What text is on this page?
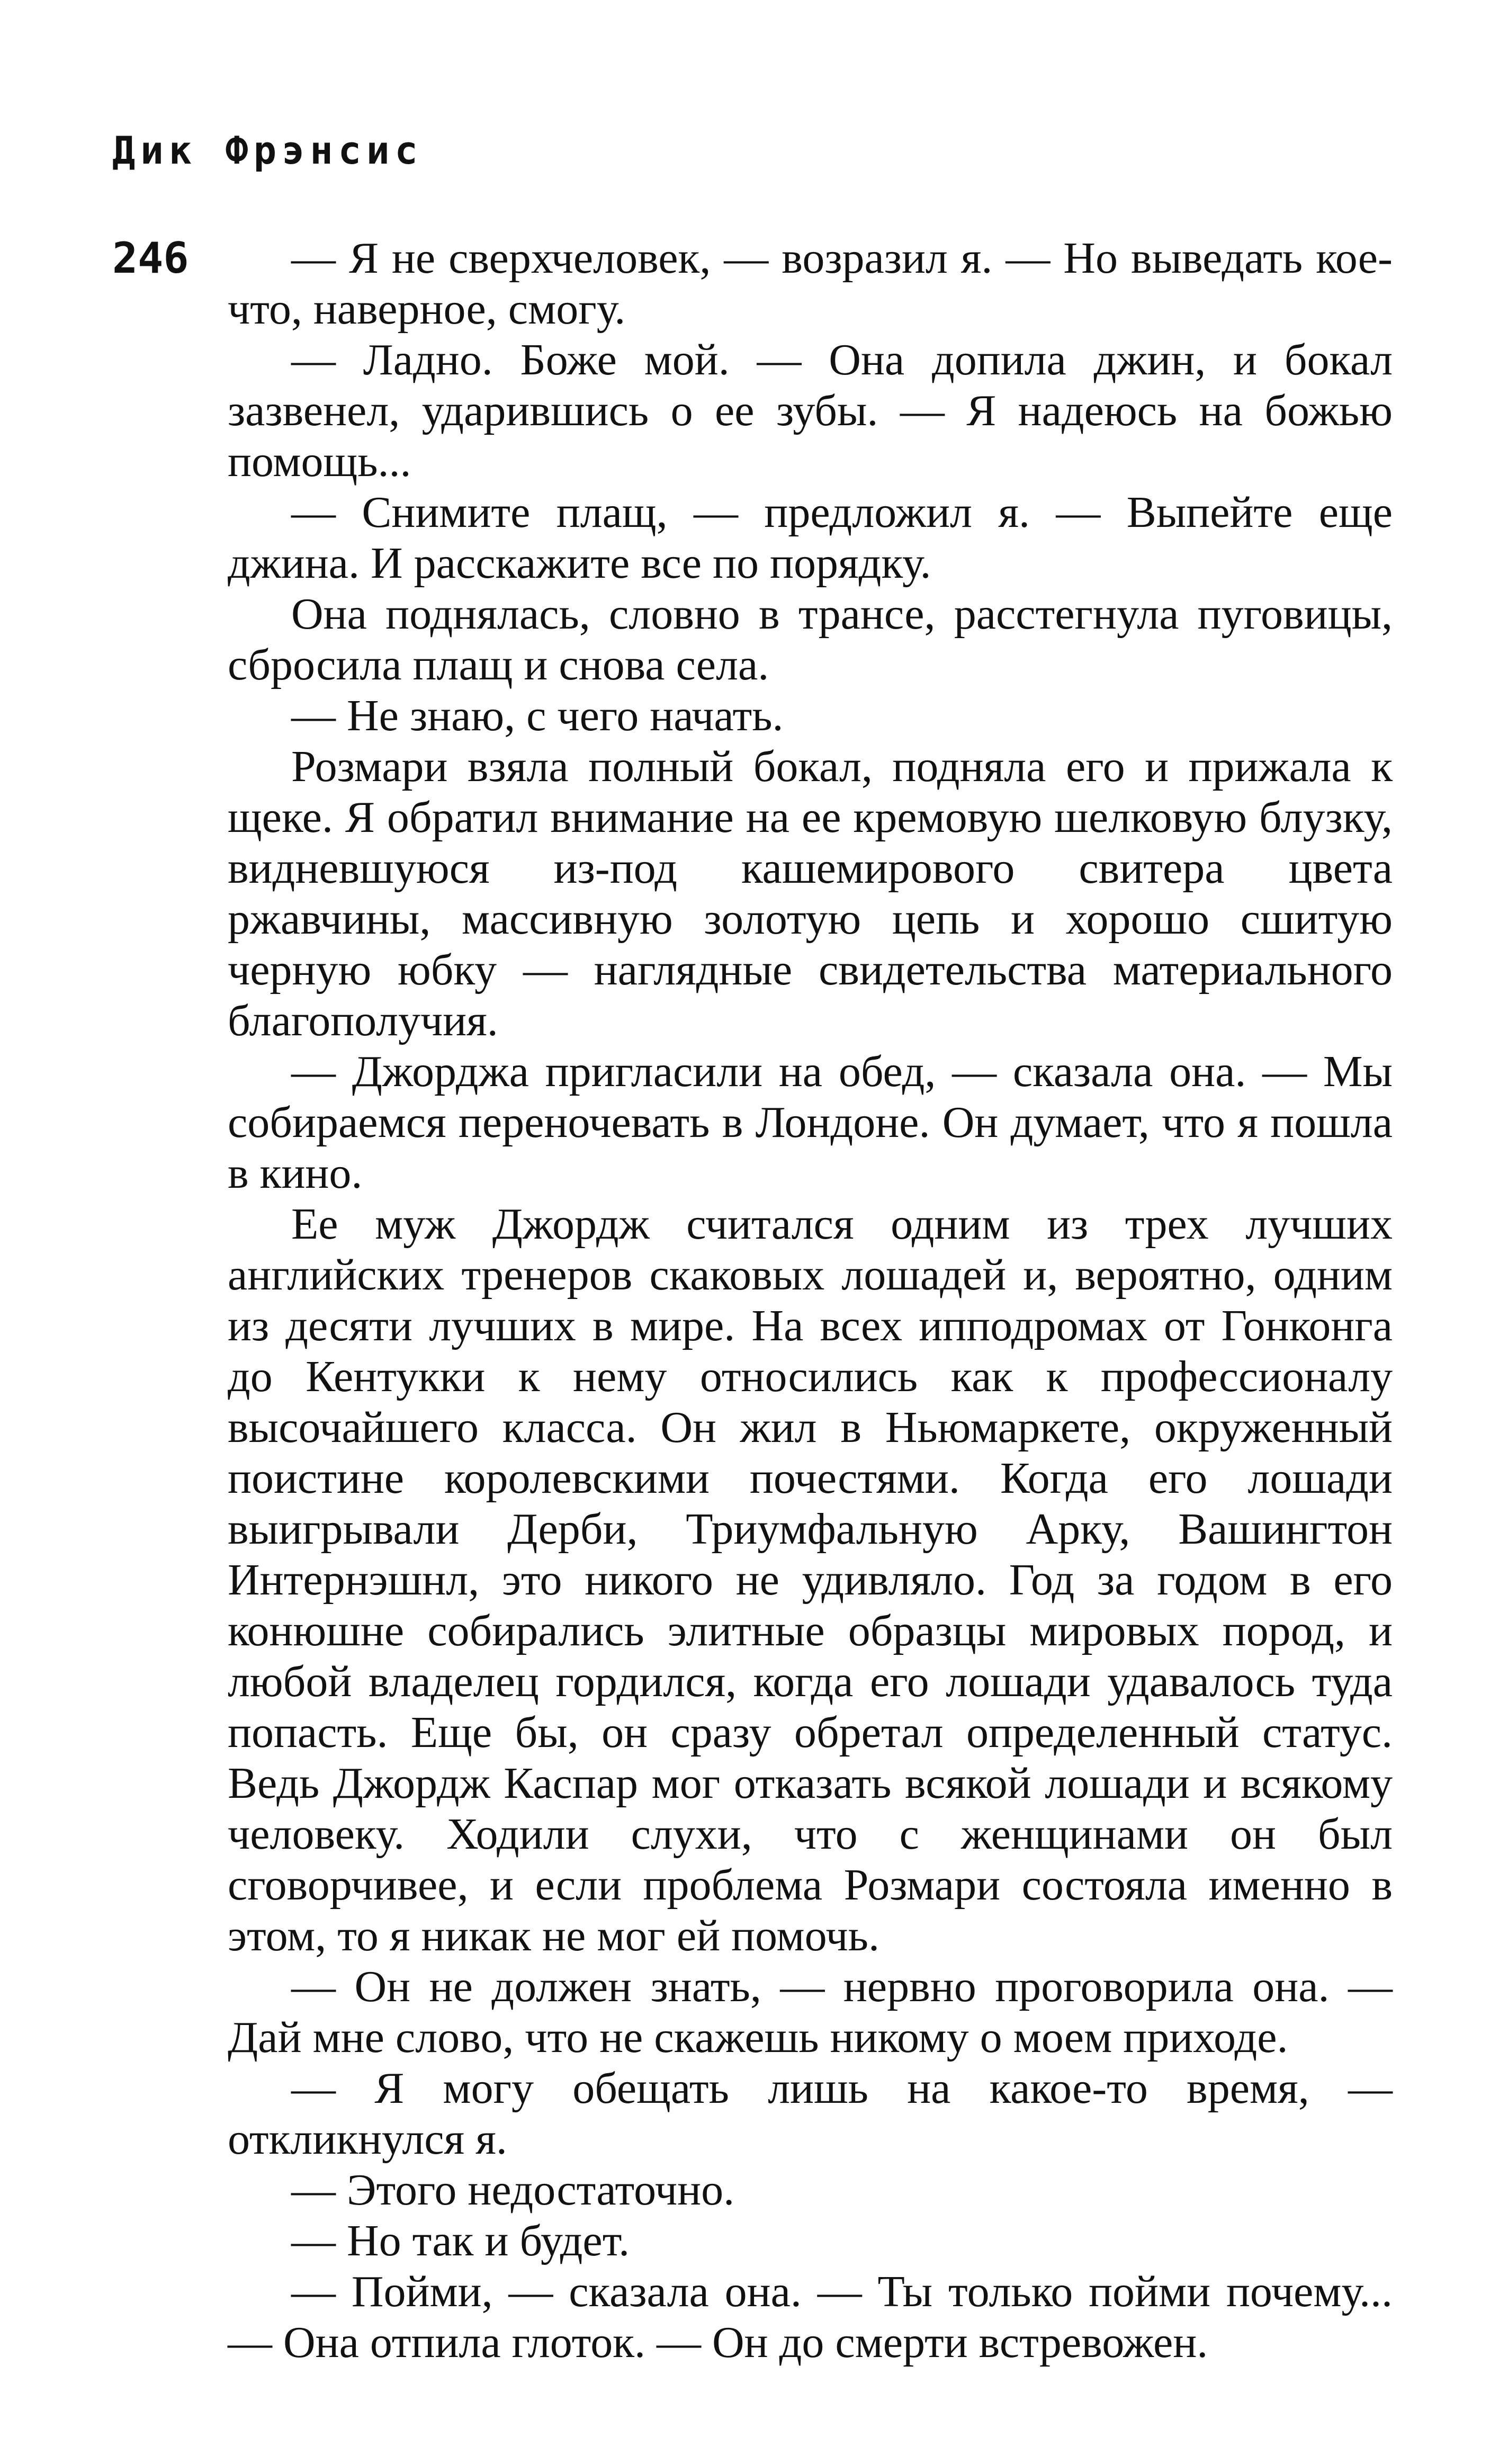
Дик Фрэнсис
246	— Я не сверхчеловек, — возразил я. — Но выведать кое-что, наверное, смогу.

— Ладно. Боже мой. — Она допила джин, и бокал зазвенел, ударившись о ее зубы. — Я надеюсь на божью помощь...

— Снимите плащ, — предложил я. — Выпейте еще джина. И расскажите все по порядку.

Она поднялась, словно в трансе, расстегнула пуговицы, сбросила плащ и снова села.

— Не знаю, с чего начать.

Розмари взяла полный бокал, подняла его и прижала к щеке. Я обратил внимание на ее кремовую шелковую блузку, видневшуюся из-под кашемирового свитера цвета ржавчины, массивную золотую цепь и хорошо сшитую черную юбку — наглядные свидетельства материального благополучия.

— Джорджа пригласили на обед, — сказала она. — Мы собираемся переночевать в Лондоне. Он думает, что я пошла в кино.

Ее муж Джордж считался одним из трех лучших английских тренеров скаковых лошадей и, вероятно, одним из десяти лучших в мире. На всех ипподромах от Гонконга до Кентукки к нему относились как к профессионалу высочайшего класса. Он жил в Ньюмаркете, окруженный поистине королевскими почестями. Когда его лошади выигрывали Дерби, Триумфальную Арку, Вашингтон Интернэшнл, это никого не удивляло. Год за годом в его конюшне собирались элитные образцы мировых пород, и любой владелец гордился, когда его лошади удавалось туда попасть. Еще бы, он сразу обретал определенный статус. Ведь Джордж Каспар мог отказать всякой лошади и всякому человеку. Ходили слухи, что с женщинами он был сговорчивее, и если проблема Розмари состояла именно в этом, то я никак не мог ей помочь.

— Он не должен знать, — нервно проговорила она. — Дай мне слово, что не скажешь никому о моем приходе.

— Я могу обещать лишь на какое-то время, — откликнулся я.

— Этого недостаточно.

— Но так и будет.

— Пойми, — сказала она. — Ты только пойми почему... — Она отпила глоток. — Он до смерти встревожен.
